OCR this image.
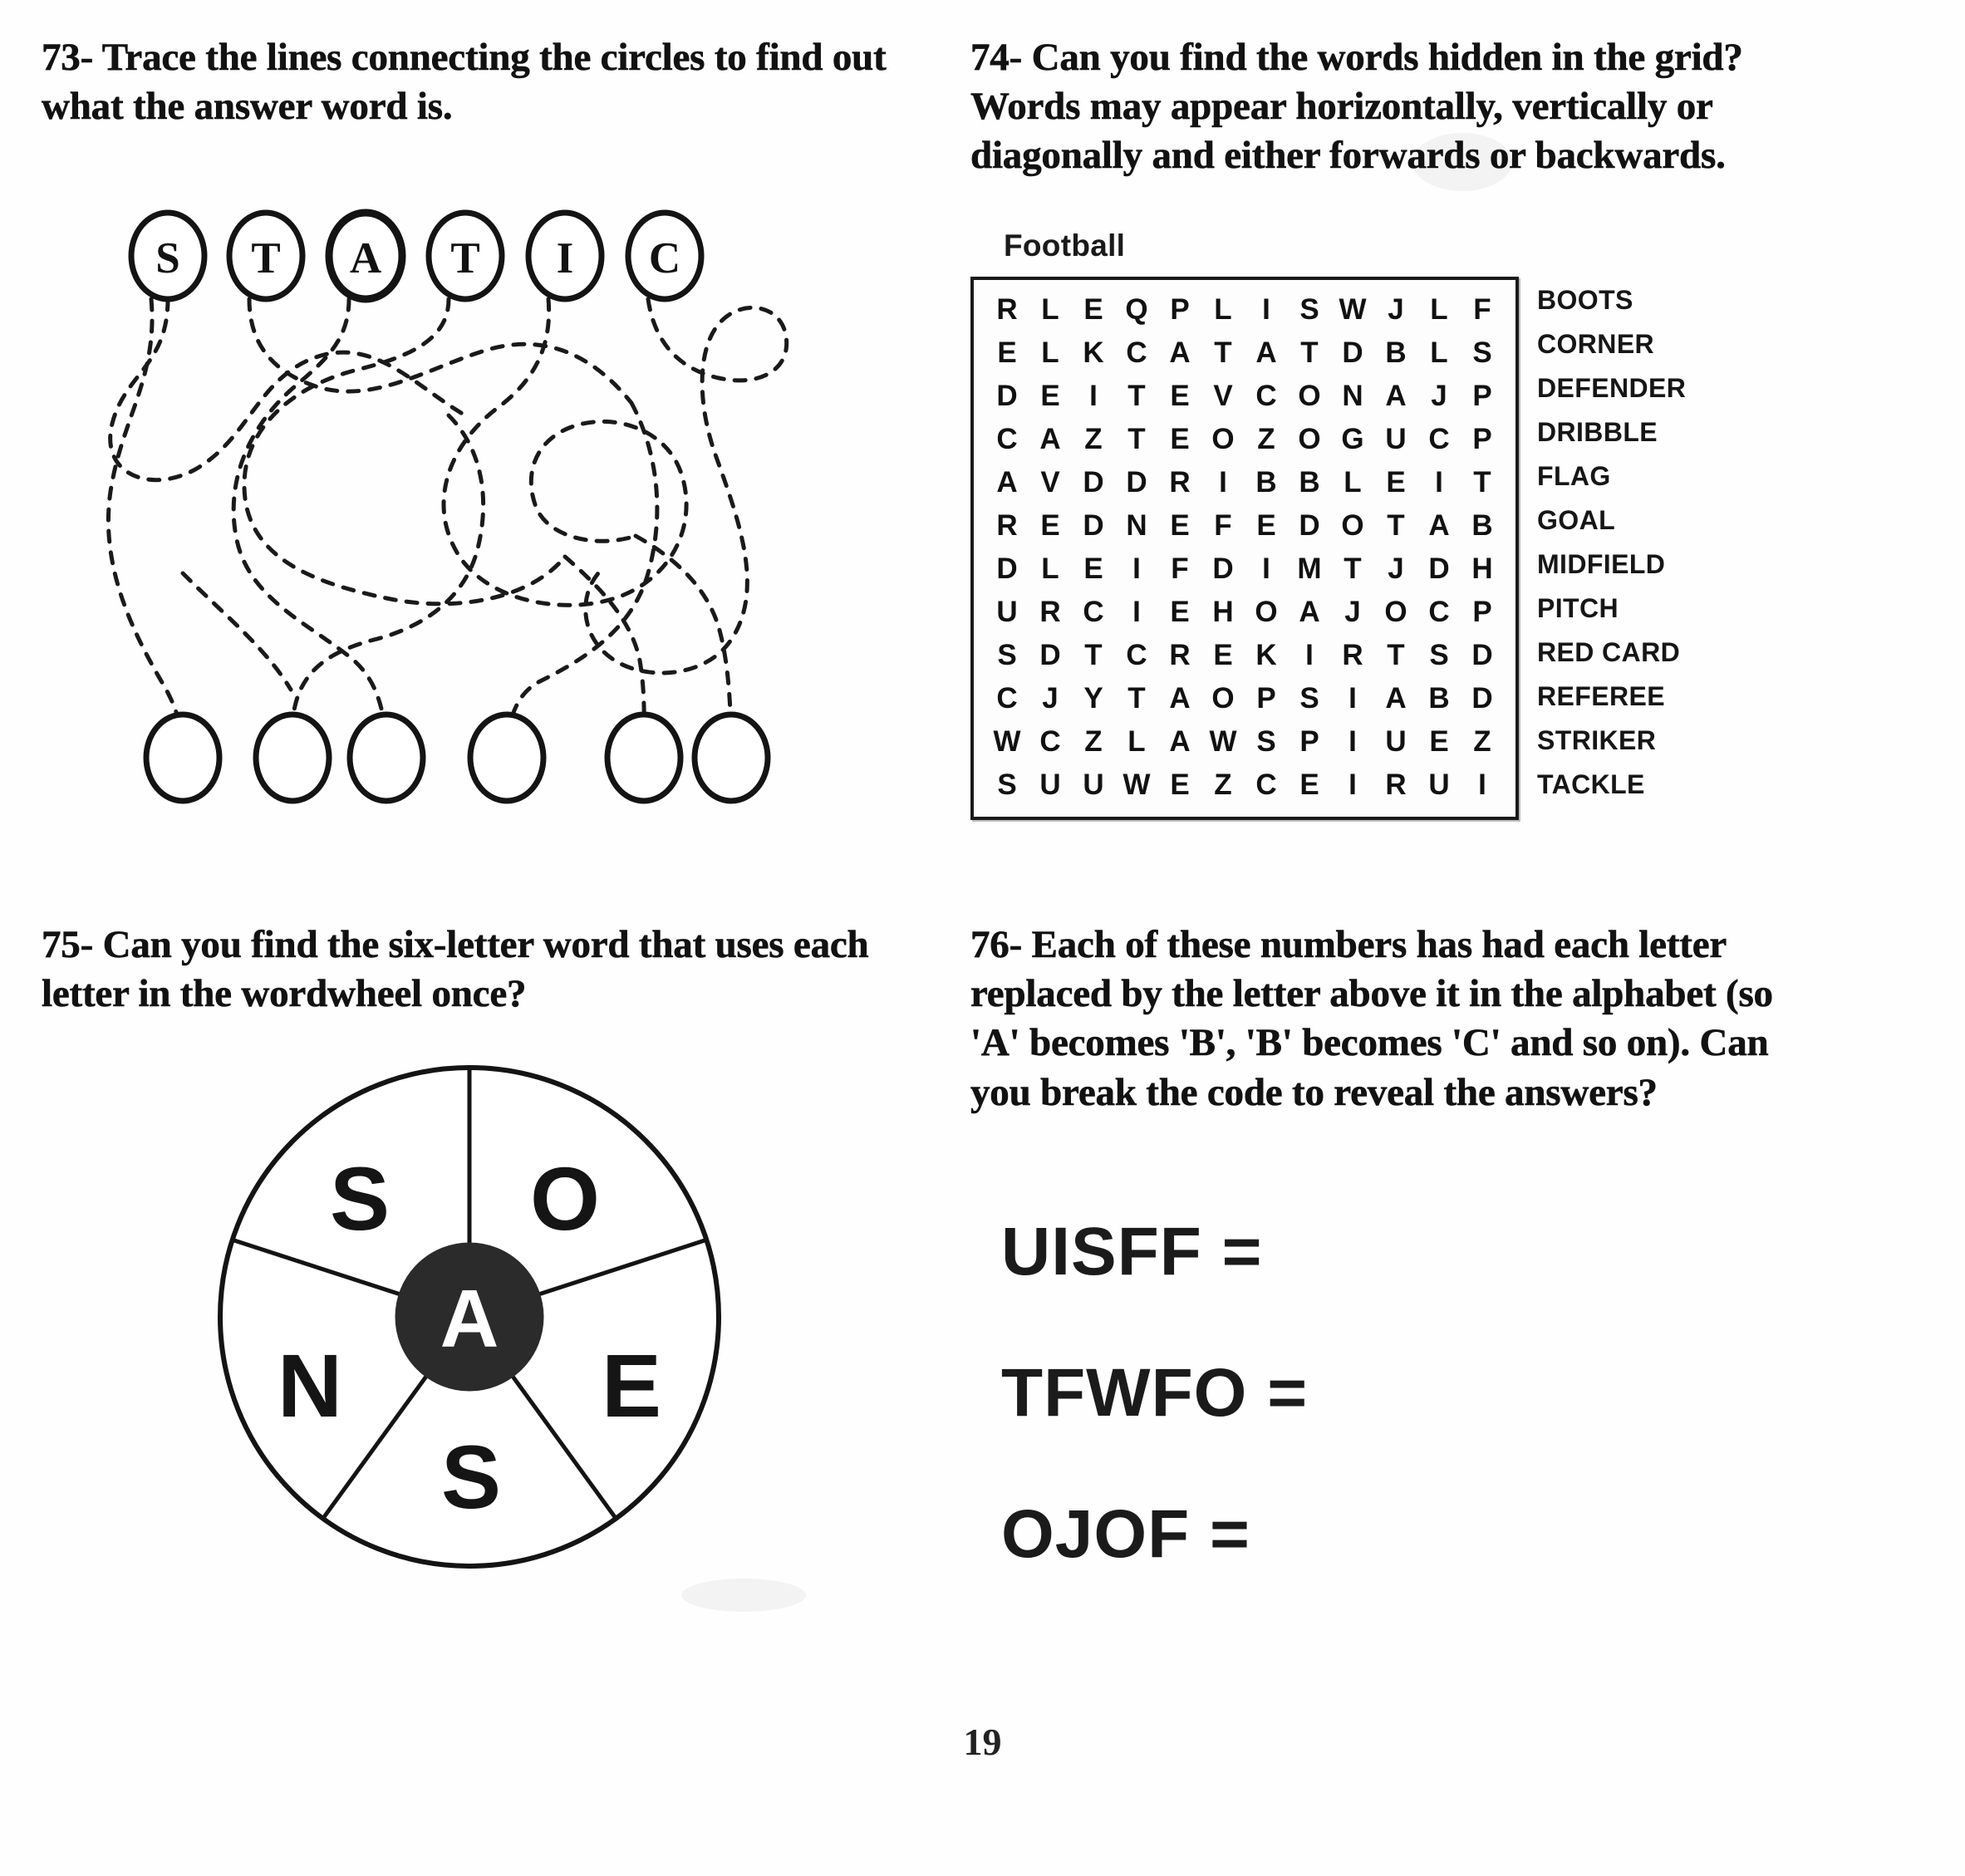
73- Trace the lines connecting the circles to find out what the answer word is.
S T A T I C
74- Can you find the words hidden in the grid? Words may appear horizontally, vertically or diagonally and either forwards or backwards.
Football
R	L	E	Q	P	L	I	S	W	J	L	F
E	L	K	C	A	T	A	T	D	B	L	S
D	E	I	T	E	V	C	O	N	A	J	P
C	A	Z	T	E	O	Z	O	G	U	C	P
A	V	D	D	R	I	B	B	L	E	I	T
R	E	D	N	E	F	E	D	O	T	A	B
D	L	E	I	F	D	I	M	T	J	D	H
U	R	C	I	E	H	O	A	J	O	C	P
S	D	T	C	R	E	K	I	R	T	S	D
C	J	Y	T	A	O	P	S	I	A	B	D
W	C	Z	L	A	W	S	P	I	U	E	Z
S	U	U	W	E	Z	C	E	I	R	U	I
BOOTS
CORNER
DEFENDER
DRIBBLE
FLAG
GOAL
MIDFIELD
PITCH
RED CARD
REFEREE
STRIKER
TACKLE
75- Can you find the six-letter word that uses each letter in the wordwheel once?
S O
E
S
N
A
76- Each of these numbers has had each letter replaced by the letter above it in the alphabet (so 'A' becomes 'B', 'B' becomes 'C' and so on). Can you break the code to reveal the answers?
UISFF =
TFWFO =
OJOF =
19
